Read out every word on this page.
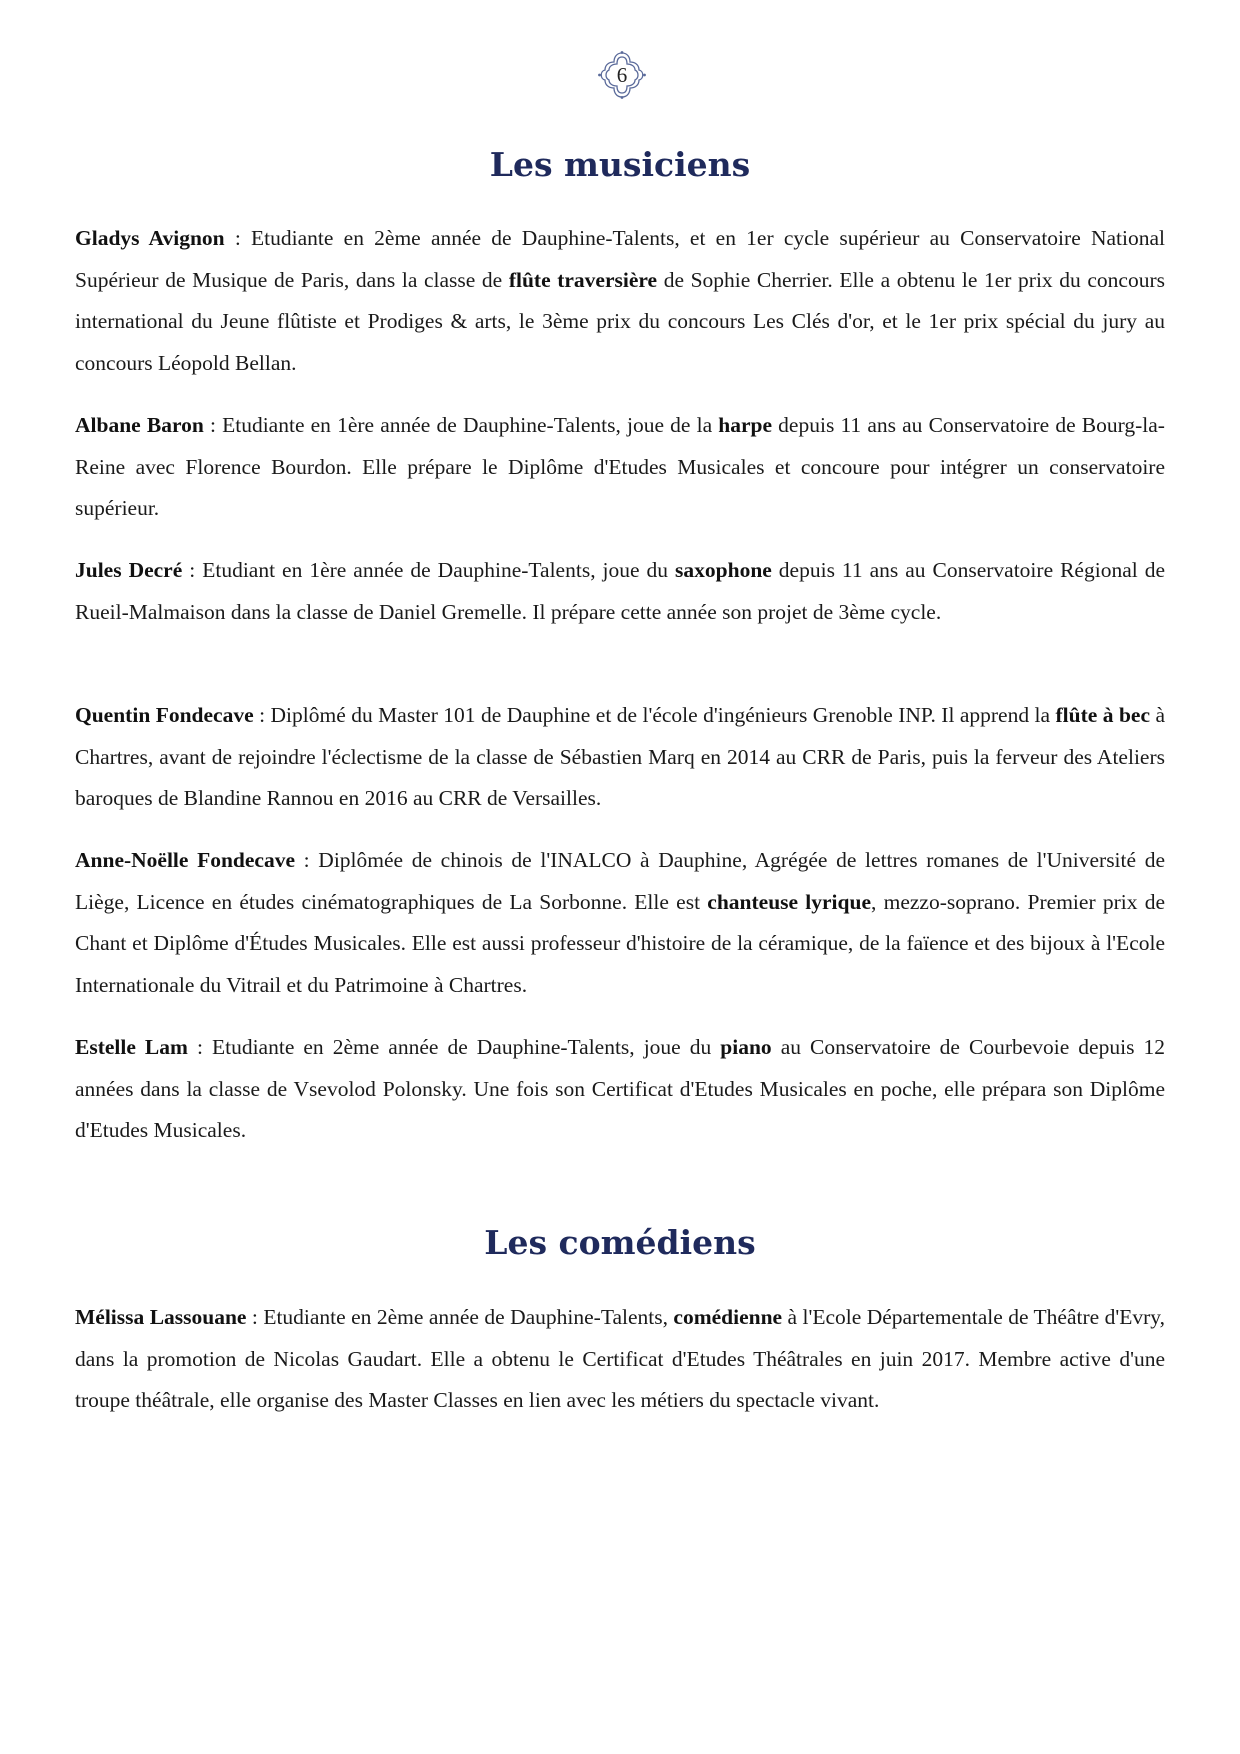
6
Les musiciens

Gladys Avignon : Etudiante en 2ème année de Dauphine-Talents, et en 1er cycle supérieur au Conservatoire National Supérieur de Musique de Paris, dans la classe de flûte traversière de Sophie Cherrier. Elle a obtenu le 1er prix du concours international du Jeune flûtiste et Prodiges & arts, le 3ème prix du concours Les Clés d'or, et le 1er prix spécial du jury au concours Léopold Bellan.

Albane Baron : Etudiante en 1ère année de Dauphine-Talents, joue de la harpe depuis 11 ans au Conservatoire de Bourg-la-Reine avec Florence Bourdon. Elle prépare le Diplôme d'Etudes Musicales et concoure pour intégrer un conservatoire supérieur.

Jules Decré : Etudiant en 1ère année de Dauphine-Talents, joue du saxophone depuis 11 ans au Conservatoire Régional de Rueil-Malmaison dans la classe de Daniel Gremelle. Il prépare cette année son projet de 3ème cycle.

Quentin Fondecave : Diplômé du Master 101 de Dauphine et de l'école d'ingénieurs Grenoble INP. Il apprend la flûte à bec à Chartres, avant de rejoindre l'éclectisme de la classe de Sébastien Marq en 2014 au CRR de Paris, puis la ferveur des Ateliers baroques de Blandine Rannou en 2016 au CRR de Versailles.

Anne-Noëlle Fondecave : Diplômée de chinois de l'INALCO à Dauphine, Agrégée de lettres romanes de l'Université de Liège, Licence en études cinématographiques de La Sorbonne. Elle est chanteuse lyrique, mezzo-soprano. Premier prix de Chant et Diplôme d'Études Musicales. Elle est aussi professeur d'histoire de la céramique, de la faïence et des bijoux à l'Ecole Internationale du Vitrail et du Patrimoine à Chartres.

Estelle Lam : Etudiante en 2ème année de Dauphine-Talents, joue du piano au Conservatoire de Courbevoie depuis 12 années dans la classe de Vsevolod Polonsky. Une fois son Certificat d'Etudes Musicales en poche, elle prépara son Diplôme d'Etudes Musicales.

Les comédiens

Mélissa Lassouane : Etudiante en 2ème année de Dauphine-Talents, comédienne à l'Ecole Départementale de Théâtre d'Evry, dans la promotion de Nicolas Gaudart. Elle a obtenu le Certificat d'Etudes Théâtrales en juin 2017. Membre active d'une troupe théâtrale, elle organise des Master Classes en lien avec les métiers du spectacle vivant.
